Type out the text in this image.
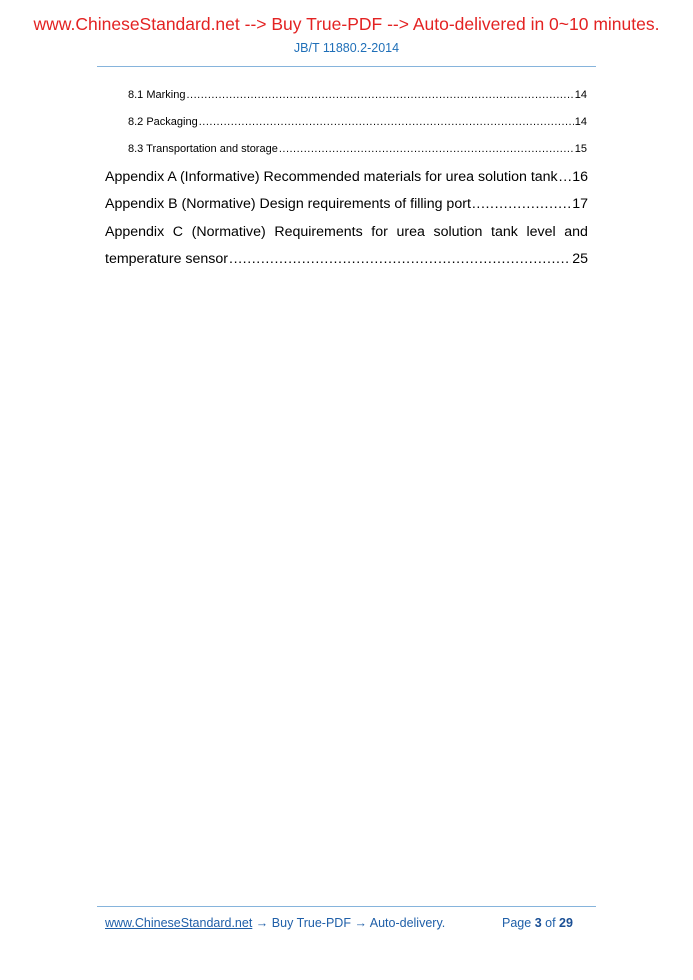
www.ChineseStandard.net --> Buy True-PDF --> Auto-delivered in 0~10 minutes.
JB/T 11880.2-2014
8.1 Marking .....	14
8.2 Packaging .....	14
8.3 Transportation and storage .....	15
Appendix A (Informative) Recommended materials for urea solution tank ..... 16
Appendix B (Normative) Design requirements of filling port .....	17
Appendix C (Normative) Requirements for urea solution tank level and
temperature sensor .....	25
www.ChineseStandard.net → Buy True-PDF → Auto-delivery.	Page 3 of 29
